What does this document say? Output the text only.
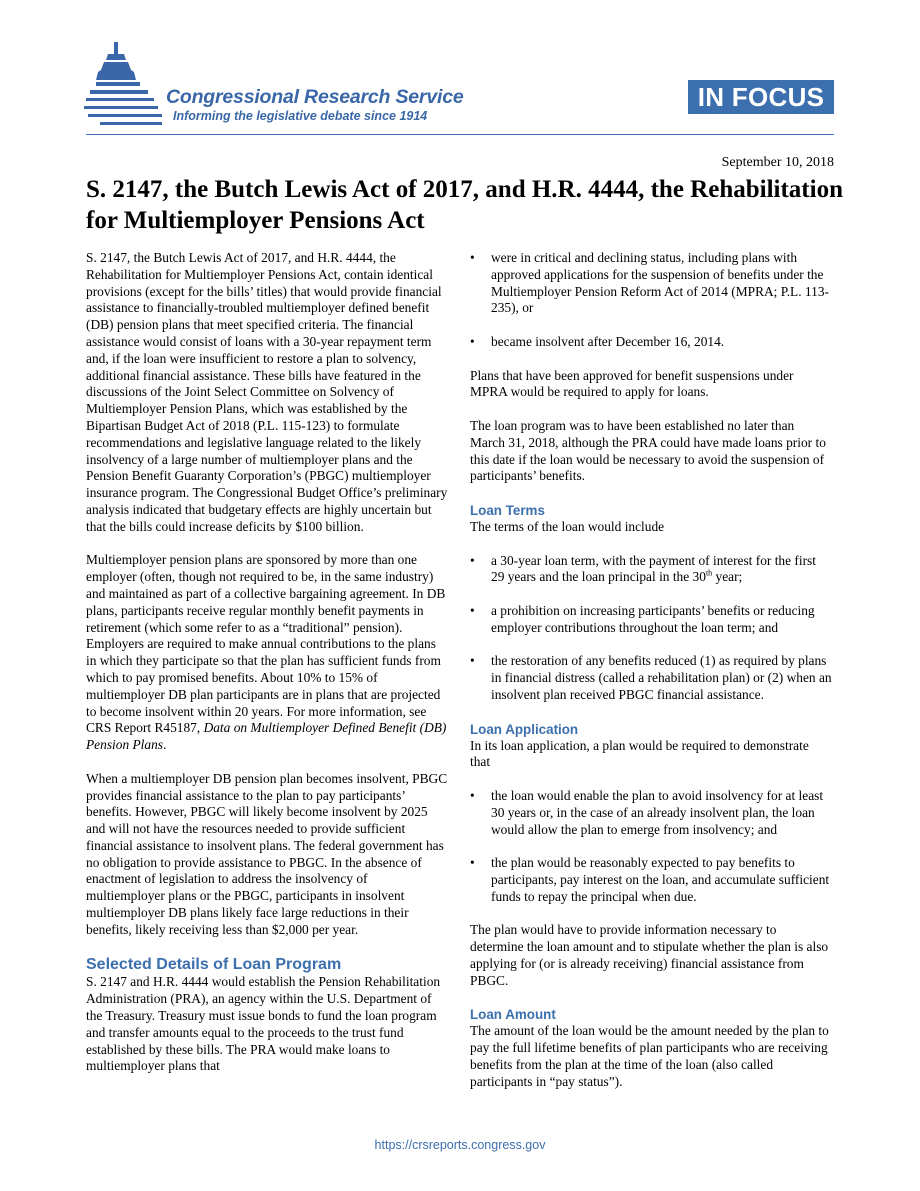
Congressional Research Service
Informing the legislative debate since 1914
IN FOCUS
September 10, 2018
S. 2147, the Butch Lewis Act of 2017, and H.R. 4444, the Rehabilitation for Multiemployer Pensions Act

S. 2147, the Butch Lewis Act of 2017, and H.R. 4444, the Rehabilitation for Multiemployer Pensions Act, contain identical provisions (except for the bills’ titles) that would provide financial assistance to financially-troubled multiemployer defined benefit (DB) pension plans that meet specified criteria. The financial assistance would consist of loans with a 30-year repayment term and, if the loan were insufficient to restore a plan to solvency, additional financial assistance. These bills have featured in the discussions of the Joint Select Committee on Solvency of Multiemployer Pension Plans, which was established by the Bipartisan Budget Act of 2018 (P.L. 115-123) to formulate recommendations and legislative language related to the likely insolvency of a large number of multiemployer plans and the Pension Benefit Guaranty Corporation’s (PBGC) multiemployer insurance program. The Congressional Budget Office’s preliminary analysis indicated that budgetary effects are highly uncertain but that the bills could increase deficits by $100 billion.

Multiemployer pension plans are sponsored by more than one employer (often, though not required to be, in the same industry) and maintained as part of a collective bargaining agreement. In DB plans, participants receive regular monthly benefit payments in retirement (which some refer to as a “traditional” pension). Employers are required to make annual contributions to the plans in which they participate so that the plan has sufficient funds from which to pay promised benefits. About 10% to 15% of multiemployer DB plan participants are in plans that are projected to become insolvent within 20 years. For more information, see CRS Report R45187, Data on Multiemployer Defined Benefit (DB) Pension Plans.

When a multiemployer DB pension plan becomes insolvent, PBGC provides financial assistance to the plan to pay participants’ benefits. However, PBGC will likely become insolvent by 2025 and will not have the resources needed to provide sufficient financial assistance to insolvent plans. The federal government has no obligation to provide assistance to PBGC. In the absence of enactment of legislation to address the insolvency of multiemployer plans or the PBGC, participants in insolvent multiemployer DB plans likely face large reductions in their benefits, likely receiving less than $2,000 per year.

Selected Details of Loan Program

S. 2147 and H.R. 4444 would establish the Pension Rehabilitation Administration (PRA), an agency within the U.S. Department of the Treasury. Treasury must issue bonds to fund the loan program and transfer amounts equal to the proceeds to the trust fund established by these bills. The PRA would make loans to multiemployer plans that

• were in critical and declining status, including plans with approved applications for the suspension of benefits under the Multiemployer Pension Reform Act of 2014 (MPRA; P.L. 113-235), or
• became insolvent after December 16, 2014.

Plans that have been approved for benefit suspensions under MPRA would be required to apply for loans.

The loan program was to have been established no later than March 31, 2018, although the PRA could have made loans prior to this date if the loan would be necessary to avoid the suspension of participants’ benefits.

Loan Terms

The terms of the loan would include

• a 30-year loan term, with the payment of interest for the first 29 years and the loan principal in the 30th year;
• a prohibition on increasing participants’ benefits or reducing employer contributions throughout the loan term; and
• the restoration of any benefits reduced (1) as required by plans in financial distress (called a rehabilitation plan) or (2) when an insolvent plan received PBGC financial assistance.
Loan Application

In its loan application, a plan would be required to demonstrate that

• the loan would enable the plan to avoid insolvency for at least 30 years or, in the case of an already insolvent plan, the loan would allow the plan to emerge from insolvency; and
• the plan would be reasonably expected to pay benefits to participants, pay interest on the loan, and accumulate sufficient funds to repay the principal when due.

The plan would have to provide information necessary to determine the loan amount and to stipulate whether the plan is also applying for (or is already receiving) financial assistance from PBGC.

Loan Amount

The amount of the loan would be the amount needed by the plan to pay the full lifetime benefits of plan participants who are receiving benefits from the plan at the time of the loan (also called participants in “pay status”).

https://crsreports.congress.gov
